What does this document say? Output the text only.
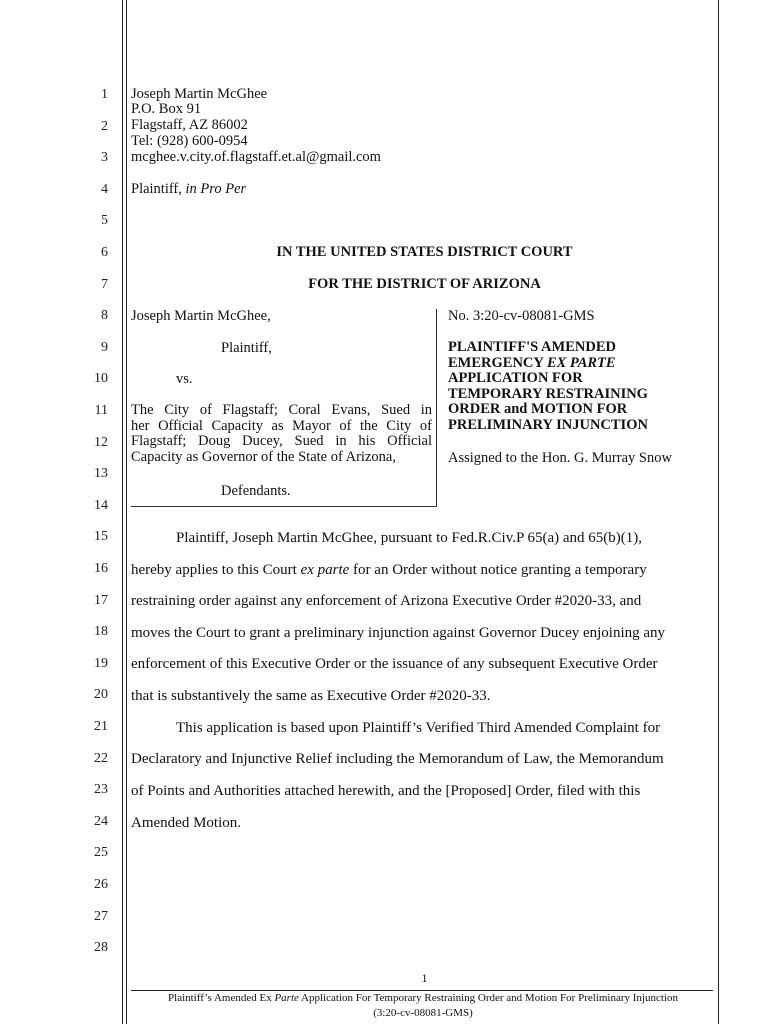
1
2
3
4
5
6
7
8
9
10
11
12
13
14
15
16
17
18
19
20
21
22
23
24
25
26
27
28
Joseph Martin McGhee
P.O. Box 91
Flagstaff, AZ 86002
Tel: (928) 600-0954
mcghee.v.city.of.flagstaff.et.al@gmail.com
Plaintiff, in Pro Per
IN THE UNITED STATES DISTRICT COURT
FOR THE DISTRICT OF ARIZONA
Joseph Martin McGhee,
Plaintiff,
vs.
The City of Flagstaff; Coral Evans, Sued in
her Official Capacity as Mayor of the City of
Flagstaff; Doug Ducey, Sued in his Official
Capacity as Governor of the State of Arizona,
Defendants.
No. 3:20-cv-08081-GMS
PLAINTIFF'S AMENDED
EMERGENCY EX PARTE
APPLICATION FOR
TEMPORARY RESTRAINING
ORDER and MOTION FOR
PRELIMINARY INJUNCTION
Assigned to the Hon. G. Murray Snow
Plaintiff, Joseph Martin McGhee, pursuant to Fed.R.Civ.P 65(a) and 65(b)(1),
hereby applies to this Court ex parte for an Order without notice granting a temporary
restraining order against any enforcement of Arizona Executive Order #2020-33, and
moves the Court to grant a preliminary injunction against Governor Ducey enjoining any
enforcement of this Executive Order or the issuance of any subsequent Executive Order
that is substantively the same as Executive Order #2020-33.
This application is based upon Plaintiff’s Verified Third Amended Complaint for
Declaratory and Injunctive Relief including the Memorandum of Law, the Memorandum
of Points and Authorities attached herewith, and the [Proposed] Order, filed with this
Amended Motion.
1
Plaintiff’s Amended Ex Parte Application For Temporary Restraining Order and Motion For Preliminary Injunction
(3:20-cv-08081-GMS)
